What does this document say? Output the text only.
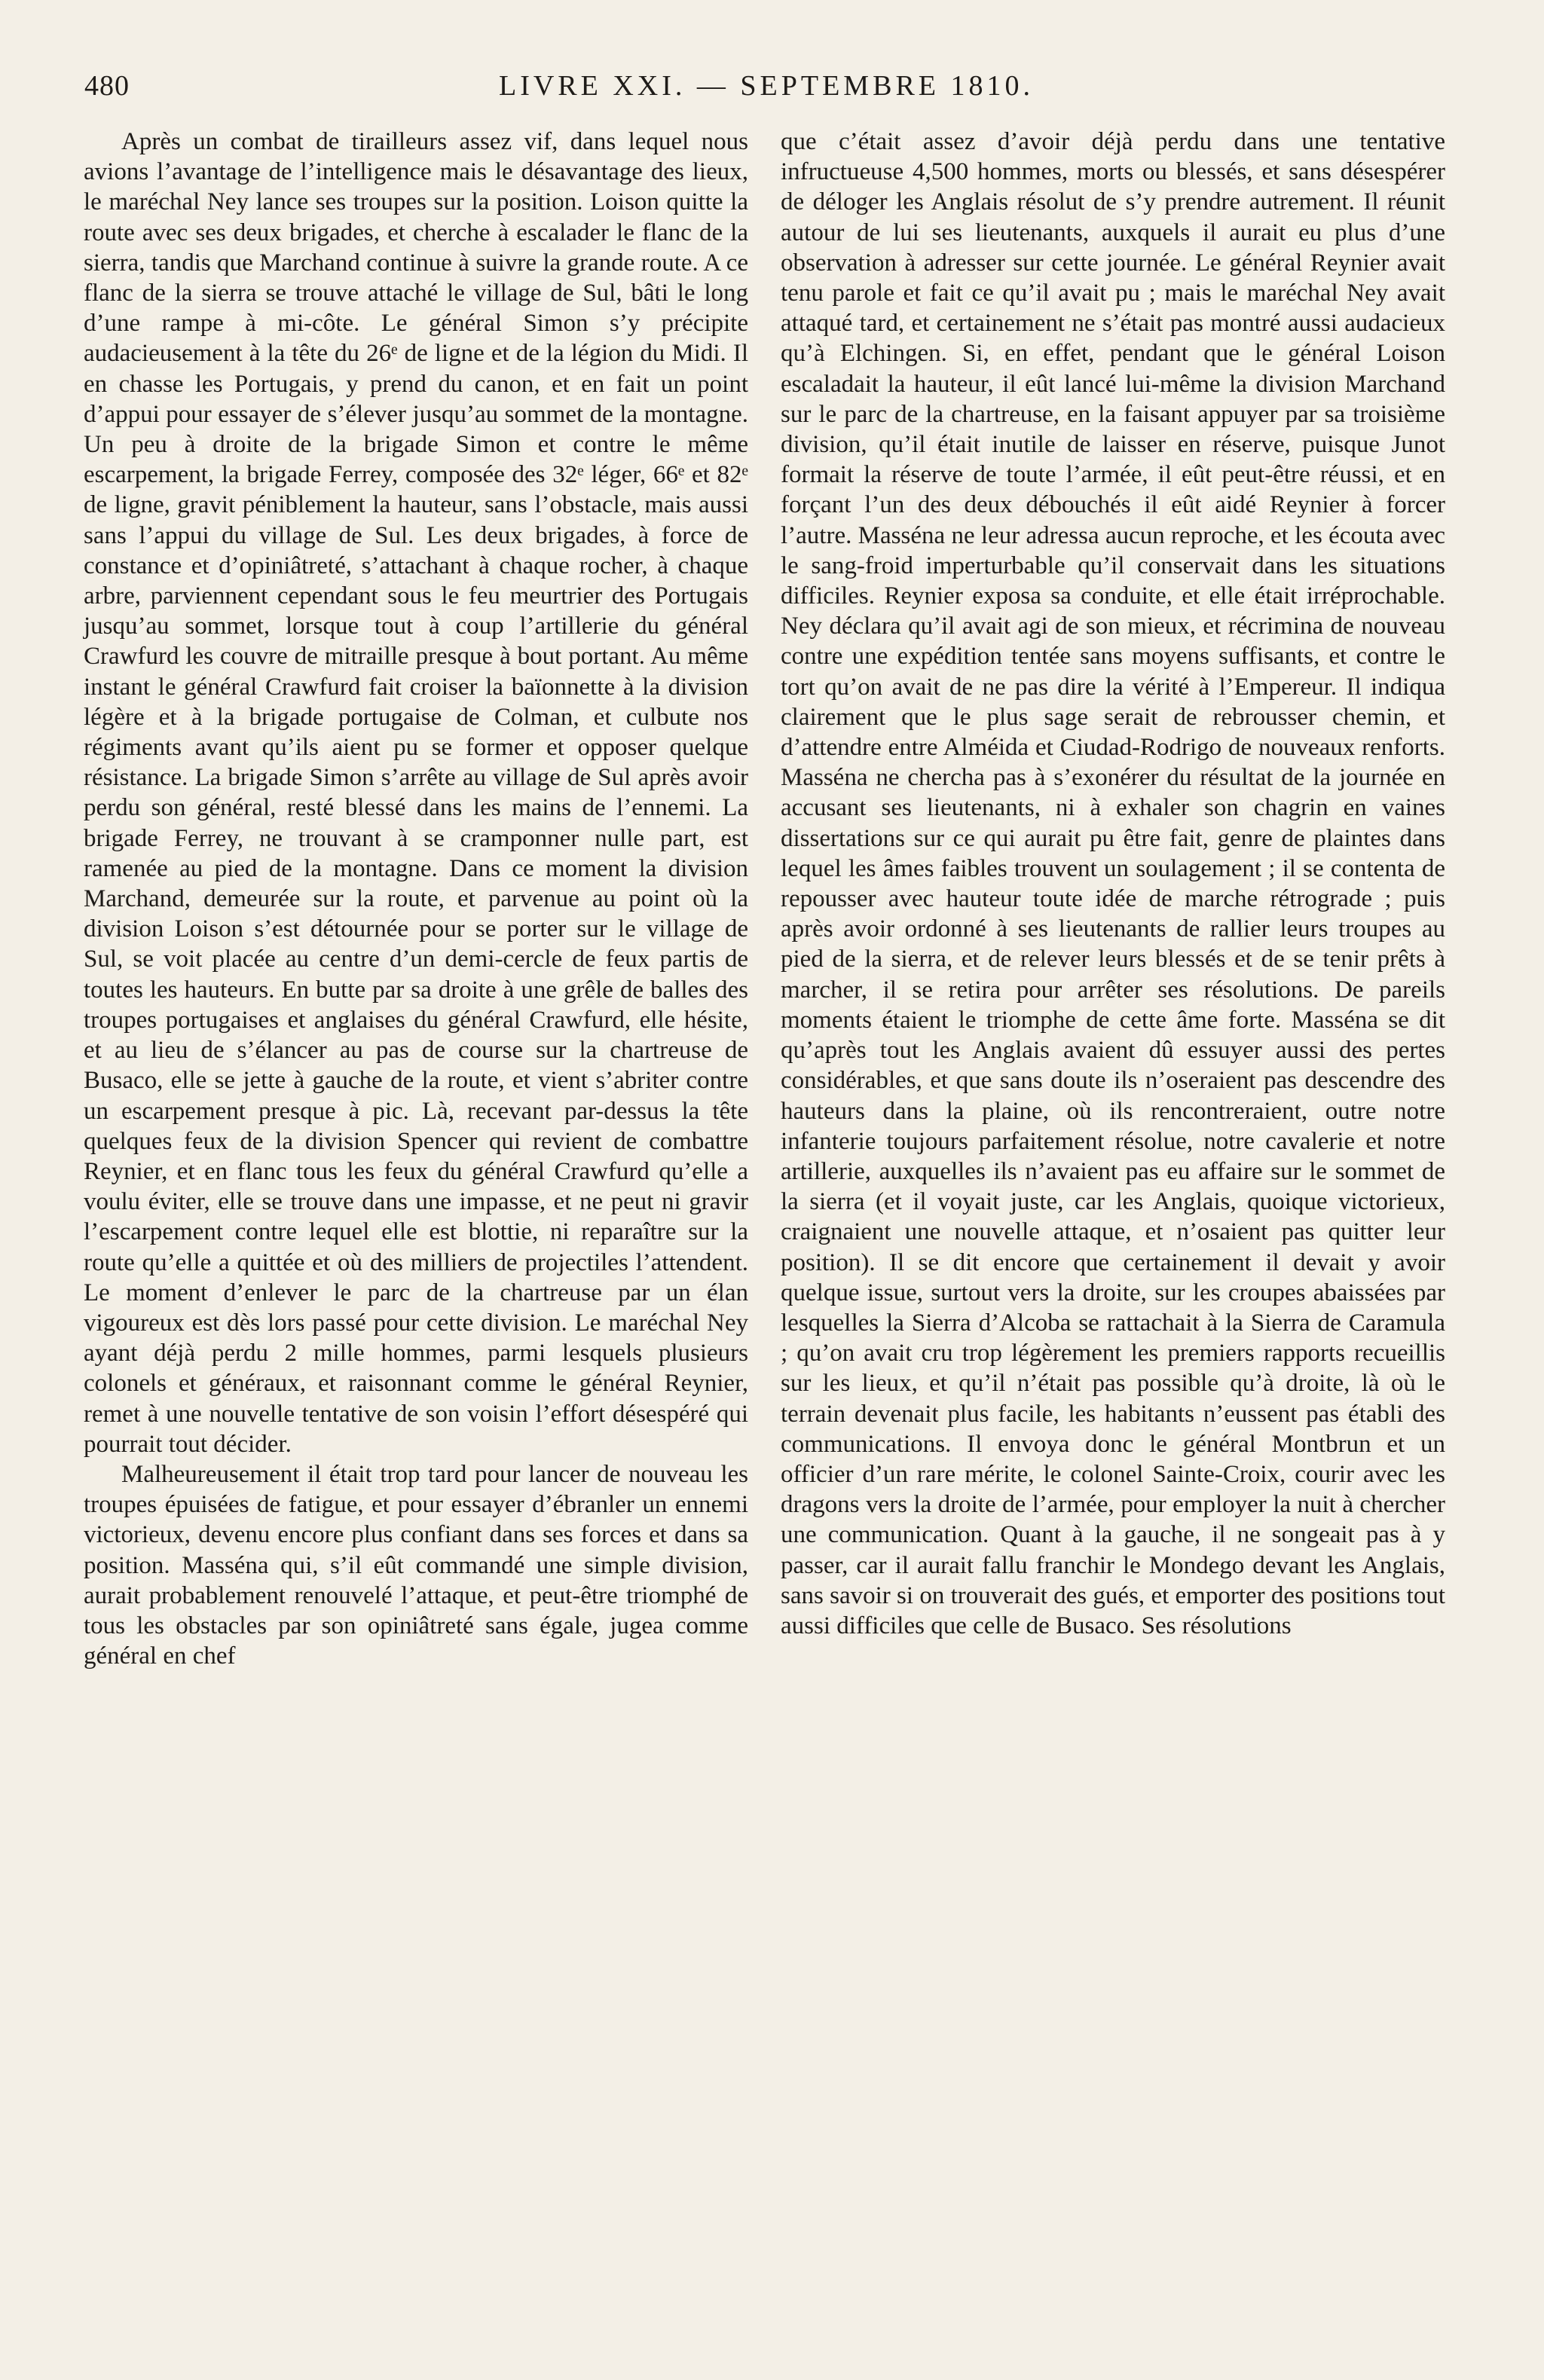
480	LIVRE XXI. — SEPTEMBRE 1810.

Après un combat de tirailleurs assez vif, dans lequel nous avions l’avantage de l’intelligence mais le désavantage des lieux, le maréchal Ney lance ses troupes sur la position. Loison quitte la route avec ses deux brigades, et cherche à escalader le flanc de la sierra, tandis que Marchand continue à suivre la grande route. A ce flanc de la sierra se trouve attaché le village de Sul, bâti le long d’une rampe à mi-côte. Le général Simon s’y précipite audacieusement à la tête du 26ᵉ de ligne et de la légion du Midi. Il en chasse les Portugais, y prend du canon, et en fait un point d’appui pour essayer de s’élever jusqu’au sommet de la montagne. Un peu à droite de la brigade Simon et contre le même escarpement, la brigade Ferrey, composée des 32ᵉ léger, 66ᵉ et 82ᵉ de ligne, gravit péniblement la hauteur, sans l’obstacle, mais aussi sans l’appui du village de Sul. Les deux brigades, à force de constance et d’opiniâtreté, s’attachant à chaque rocher, à chaque arbre, parviennent cependant sous le feu meurtrier des Portugais jusqu’au sommet, lorsque tout à coup l’artillerie du général Crawfurd les couvre de mitraille presque à bout portant. Au même instant le général Crawfurd fait croiser la baïonnette à la division légère et à la brigade portugaise de Colman, et culbute nos régiments avant qu’ils aient pu se former et opposer quelque résistance. La brigade Simon s’arrête au village de Sul après avoir perdu son général, resté blessé dans les mains de l’ennemi. La brigade Ferrey, ne trouvant à se cramponner nulle part, est ramenée au pied de la montagne. Dans ce moment la division Marchand, demeurée sur la route, et parvenue au point où la division Loison s’est détournée pour se porter sur le village de Sul, se voit placée au centre d’un demi-cercle de feux partis de toutes les hauteurs. En butte par sa droite à une grêle de balles des troupes portugaises et anglaises du général Crawfurd, elle hésite, et au lieu de s’élancer au pas de course sur la chartreuse de Busaco, elle se jette à gauche de la route, et vient s’abriter contre un escarpement presque à pic. Là, recevant par-dessus la tête quelques feux de la division Spencer qui revient de combattre Reynier, et en flanc tous les feux du général Crawfurd qu’elle a voulu éviter, elle se trouve dans une impasse, et ne peut ni gravir l’escarpement contre lequel elle est blottie, ni reparaître sur la route qu’elle a quittée et où des milliers de projectiles l’attendent. Le moment d’enlever le parc de la chartreuse par un élan vigoureux est dès lors passé pour cette division. Le maréchal Ney ayant déjà perdu 2 mille hommes, parmi lesquels plusieurs colonels et généraux, et raisonnant comme le général Reynier, remet à une nouvelle tentative de son voisin l’effort désespéré qui pourrait tout décider.

Malheureusement il était trop tard pour lancer de nouveau les troupes épuisées de fatigue, et pour essayer d’ébranler un ennemi victorieux, devenu encore plus confiant dans ses forces et dans sa position. Masséna qui, s’il eût commandé une simple division, aurait probablement renouvelé l’attaque, et peut-être triomphé de tous les obstacles par son opiniâtreté sans égale, jugea comme général en chef

que c’était assez d’avoir déjà perdu dans une tentative infructueuse 4,500 hommes, morts ou blessés, et sans désespérer de déloger les Anglais résolut de s’y prendre autrement. Il réunit autour de lui ses lieutenants, auxquels il aurait eu plus d’une observation à adresser sur cette journée. Le général Reynier avait tenu parole et fait ce qu’il avait pu ; mais le maréchal Ney avait attaqué tard, et certainement ne s’était pas montré aussi audacieux qu’à Elchingen. Si, en effet, pendant que le général Loison escaladait la hauteur, il eût lancé lui-même la division Marchand sur le parc de la chartreuse, en la faisant appuyer par sa troisième division, qu’il était inutile de laisser en réserve, puisque Junot formait la réserve de toute l’armée, il eût peut-être réussi, et en forçant l’un des deux débouchés il eût aidé Reynier à forcer l’autre. Masséna ne leur adressa aucun reproche, et les écouta avec le sang-froid imperturbable qu’il conservait dans les situations difficiles. Reynier exposa sa conduite, et elle était irréprochable. Ney déclara qu’il avait agi de son mieux, et récrimina de nouveau contre une expédition tentée sans moyens suffisants, et contre le tort qu’on avait de ne pas dire la vérité à l’Empereur. Il indiqua clairement que le plus sage serait de rebrousser chemin, et d’attendre entre Alméida et Ciudad-Rodrigo de nouveaux renforts. Masséna ne chercha pas à s’exonérer du résultat de la journée en accusant ses lieutenants, ni à exhaler son chagrin en vaines dissertations sur ce qui aurait pu être fait, genre de plaintes dans lequel les âmes faibles trouvent un soulagement ; il se contenta de repousser avec hauteur toute idée de marche rétrograde ; puis après avoir ordonné à ses lieutenants de rallier leurs troupes au pied de la sierra, et de relever leurs blessés et de se tenir prêts à marcher, il se retira pour arrêter ses résolutions. De pareils moments étaient le triomphe de cette âme forte. Masséna se dit qu’après tout les Anglais avaient dû essuyer aussi des pertes considérables, et que sans doute ils n’oseraient pas descendre des hauteurs dans la plaine, où ils rencontreraient, outre notre infanterie toujours parfaitement résolue, notre cavalerie et notre artillerie, auxquelles ils n’avaient pas eu affaire sur le sommet de la sierra (et il voyait juste, car les Anglais, quoique victorieux, craignaient une nouvelle attaque, et n’osaient pas quitter leur position). Il se dit encore que certainement il devait y avoir quelque issue, surtout vers la droite, sur les croupes abaissées par lesquelles la Sierra d’Alcoba se rattachait à la Sierra de Caramula ; qu’on avait cru trop légèrement les premiers rapports recueillis sur les lieux, et qu’il n’était pas possible qu’à droite, là où le terrain devenait plus facile, les habitants n’eussent pas établi des communications. Il envoya donc le général Montbrun et un officier d’un rare mérite, le colonel Sainte-Croix, courir avec les dragons vers la droite de l’armée, pour employer la nuit à chercher une communication. Quant à la gauche, il ne songeait pas à y passer, car il aurait fallu franchir le Mondego devant les Anglais, sans savoir si on trouverait des gués, et emporter des positions tout aussi difficiles que celle de Busaco. Ses résolutions
